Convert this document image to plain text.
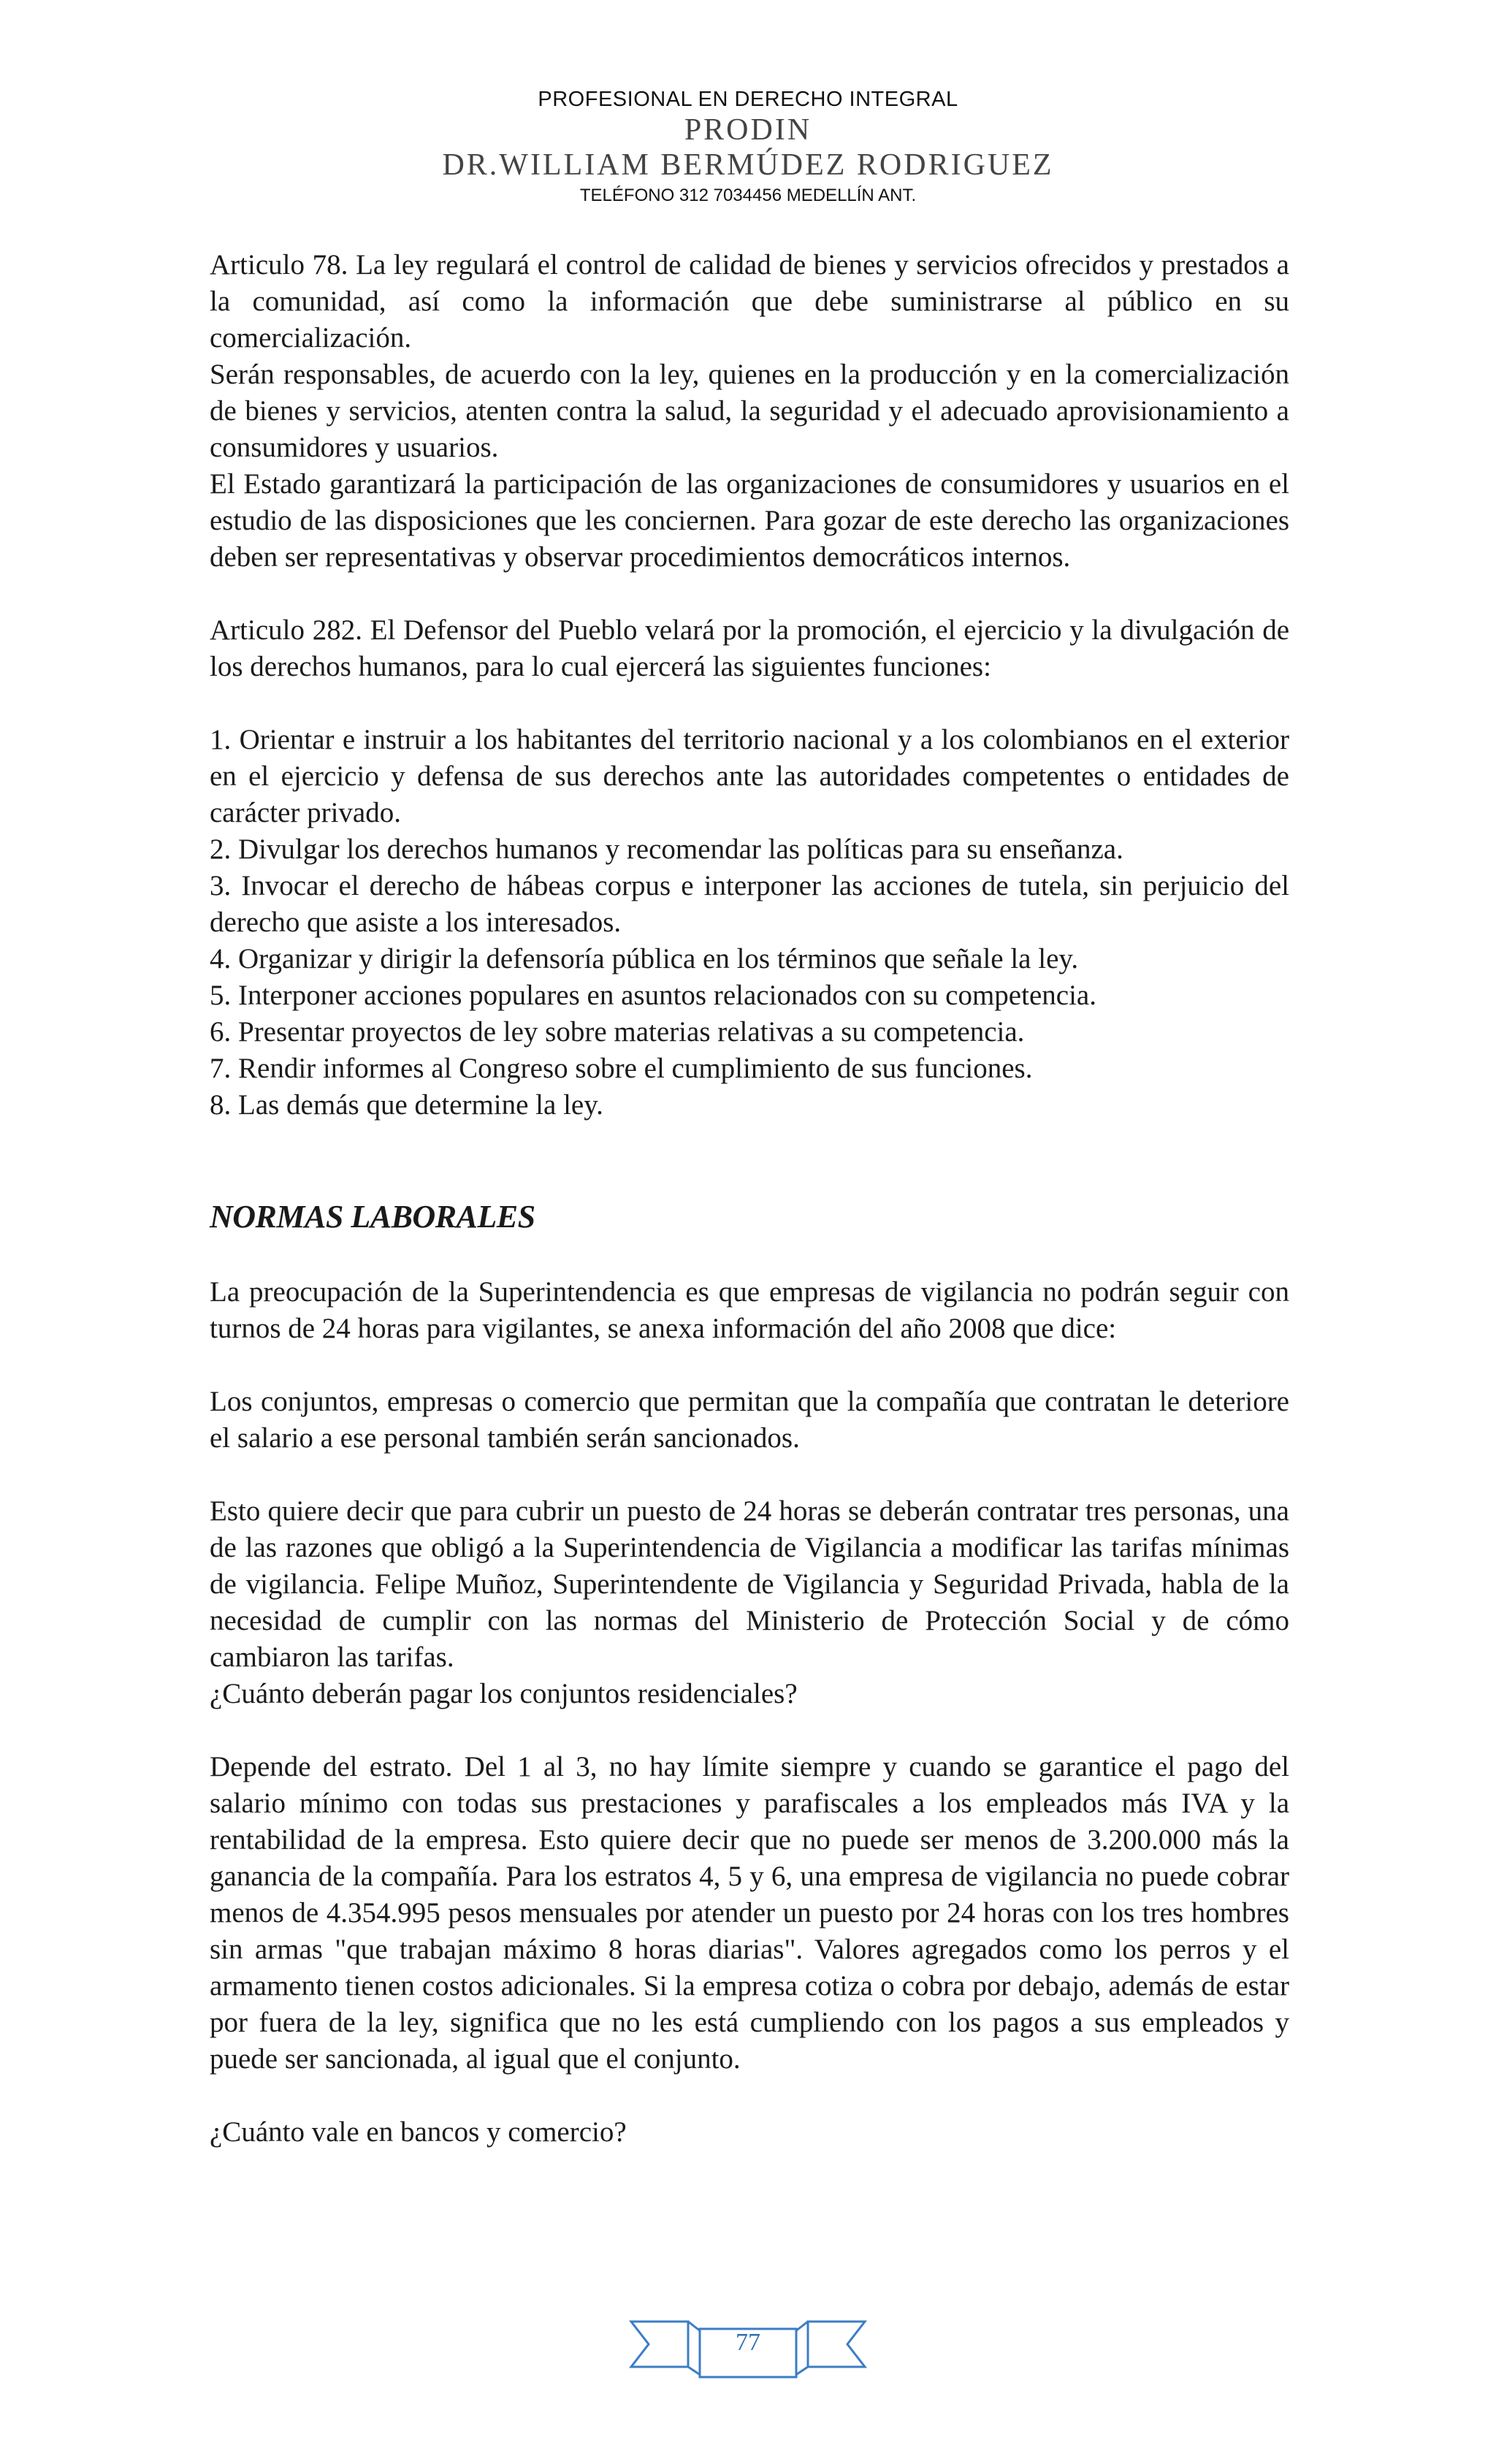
PROFESIONAL EN DERECHO INTEGRAL
PRODIN
DR.WILLIAM BERMÚDEZ RODRIGUEZ
TELÉFONO 312 7034456 MEDELLÍN ANT.

Articulo 78. La ley regulará el control de calidad de bienes y servicios ofrecidos y prestados a la comunidad, así como la información que debe suministrarse al público en su comercialización.

Serán responsables, de acuerdo con la ley, quienes en la producción y en la comercialización de bienes y servicios, atenten contra la salud, la seguridad y el adecuado aprovisionamiento a consumidores y usuarios.

El Estado garantizará la participación de las organizaciones de consumidores y usuarios en el estudio de las disposiciones que les conciernen. Para gozar de este derecho las organizaciones deben ser representativas y observar procedimientos democráticos internos.

Articulo 282. El Defensor del Pueblo velará por la promoción, el ejercicio y la divulgación de los derechos humanos, para lo cual ejercerá las siguientes funciones:

1. Orientar e instruir a los habitantes del territorio nacional y a los colombianos en el exterior en el ejercicio y defensa de sus derechos ante las autoridades competentes o entidades de carácter privado.

2. Divulgar los derechos humanos y recomendar las políticas para su enseñanza.

3. Invocar el derecho de hábeas corpus e interponer las acciones de tutela, sin perjuicio del derecho que asiste a los interesados.

4. Organizar y dirigir la defensoría pública en los términos que señale la ley.

5. Interponer acciones populares en asuntos relacionados con su competencia.

6. Presentar proyectos de ley sobre materias relativas a su competencia.

7. Rendir informes al Congreso sobre el cumplimiento de sus funciones.

8. Las demás que determine la ley.

NORMAS LABORALES

La preocupación de la Superintendencia es que empresas de vigilancia no podrán seguir con turnos de 24 horas para vigilantes, se anexa información del año 2008 que dice:

Los conjuntos, empresas o comercio que permitan que la compañía que contratan le deteriore el salario a ese personal también serán sancionados.

Esto quiere decir que para cubrir un puesto de 24 horas se deberán contratar tres personas, una de las razones que obligó a la Superintendencia de Vigilancia a modificar las tarifas mínimas de vigilancia. Felipe Muñoz, Superintendente de Vigilancia y Seguridad Privada, habla de la necesidad de cumplir con las normas del Ministerio de Protección Social y de cómo cambiaron las tarifas.

¿Cuánto deberán pagar los conjuntos residenciales?

Depende del estrato. Del 1 al 3, no hay límite siempre y cuando se garantice el pago del salario mínimo con todas sus prestaciones y parafiscales a los empleados más IVA y la rentabilidad de la empresa. Esto quiere decir que no puede ser menos de 3.200.000 más la ganancia de la compañía. Para los estratos 4, 5 y 6, una empresa de vigilancia no puede cobrar menos de 4.354.995 pesos mensuales por atender un puesto por 24 horas con los tres hombres sin armas "que trabajan máximo 8 horas diarias". Valores agregados como los perros y el armamento tienen costos adicionales. Si la empresa cotiza o cobra por debajo, además de estar por fuera de la ley, significa que no les está cumpliendo con los pagos a sus empleados y puede ser sancionada, al igual que el conjunto.

¿Cuánto vale en bancos y comercio?

77
